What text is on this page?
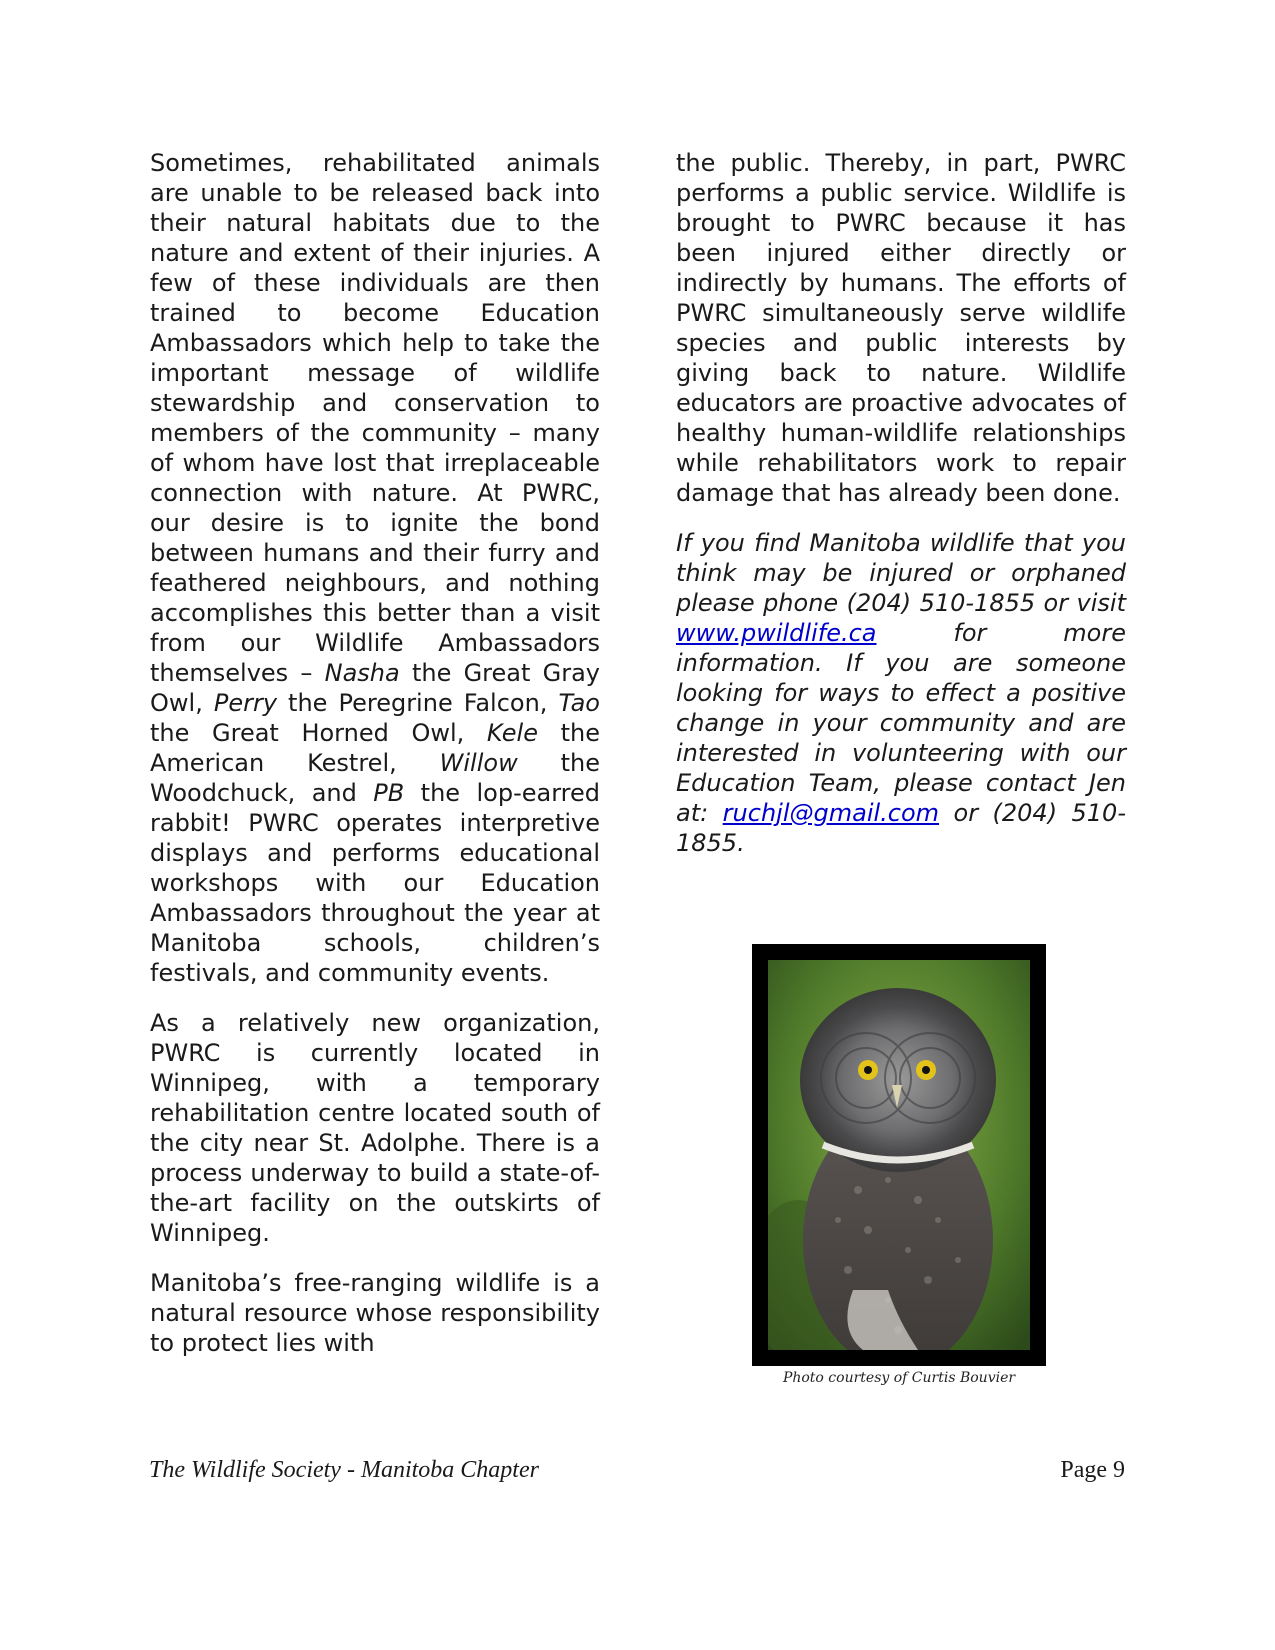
Sometimes, rehabilitated animals are unable to be released back into their natural habitats due to the nature and extent of their injuries. A few of these individuals are then trained to become Education Ambassadors which help to take the important message of wildlife stewardship and conservation to members of the community – many of whom have lost that irreplaceable connection with nature. At PWRC, our desire is to ignite the bond between humans and their furry and feathered neighbours, and nothing accomplishes this better than a visit from our Wildlife Ambassadors themselves – Nasha the Great Gray Owl, Perry the Peregrine Falcon, Tao the Great Horned Owl, Kele the American Kestrel, Willow the Woodchuck, and PB the lop-earred rabbit! PWRC operates interpretive displays and performs educational workshops with our Education Ambassadors throughout the year at Manitoba schools, children’s festivals, and community events.

As a relatively new organization, PWRC is currently located in Winnipeg, with a temporary rehabilitation centre located south of the city near St. Adolphe. There is a process underway to build a state-of-the-art facility on the outskirts of Winnipeg.

Manitoba’s free-ranging wildlife is a natural resource whose responsibility to protect lies with

the public. Thereby, in part, PWRC performs a public service. Wildlife is brought to PWRC because it has been injured either directly or indirectly by humans. The efforts of PWRC simultaneously serve wildlife species and public interests by giving back to nature. Wildlife educators are proactive advocates of healthy human-wildlife relationships while rehabilitators work to repair damage that has already been done.

If you find Manitoba wildlife that you think may be injured or orphaned please phone (204) 510-1855 or visit www.pwildlife.ca for more information. If you are someone looking for ways to effect a positive change in your community and are interested in volunteering with our Education Team, please contact Jen at: ruchjl@gmail.com or (204) 510-1855.

Photo courtesy of Curtis Bouvier
The Wildlife Society - Manitoba Chapter	Page 9
